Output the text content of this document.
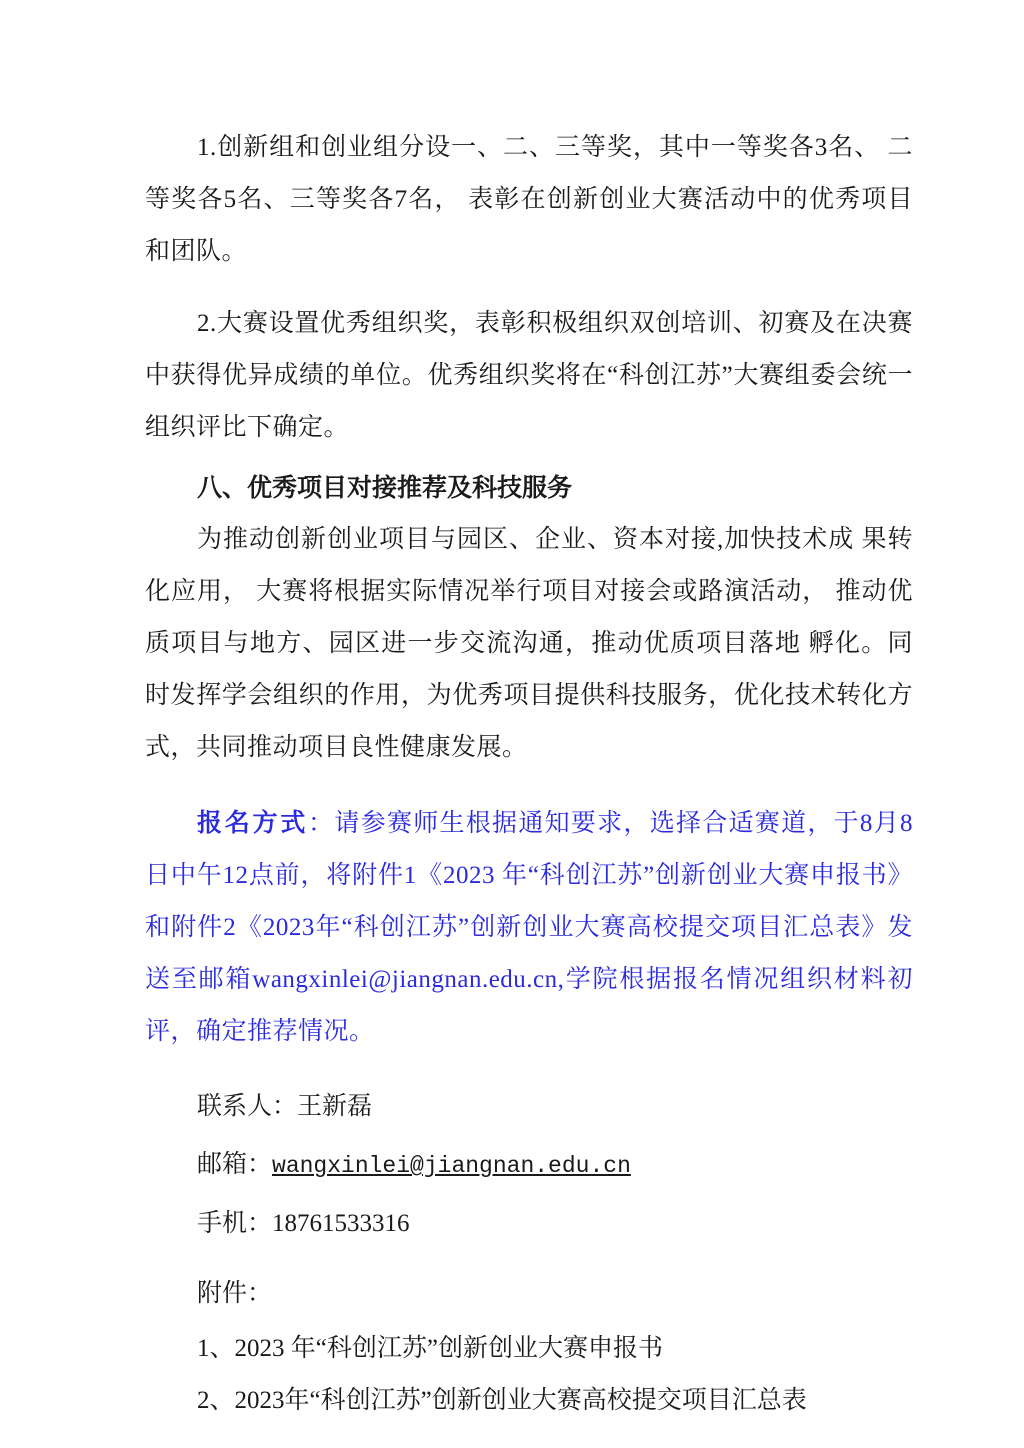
1.创新组和创业组分设一、二、三等奖，其中一等奖各3名、 二等奖各5名、三等奖各7名， 表彰在创新创业大赛活动中的优秀项目和团队。

2.大赛设置优秀组织奖，表彰积极组织双创培训、初赛及在决赛中获得优异成绩的单位。优秀组织奖将在“科创江苏”大赛组委会统一组织评比下确定。

八、优秀项目对接推荐及科技服务

为推动创新创业项目与园区、企业、资本对接,加快技术成 果转化应用， 大赛将根据实际情况举行项目对接会或路演活动， 推动优质项目与地方、园区进一步交流沟通，推动优质项目落地 孵化。同时发挥学会组织的作用，为优秀项目提供科技服务，优化技术转化方式，共同推动项目良性健康发展。

报名方式：请参赛师生根据通知要求，选择合适赛道，于8月8日中午12点前，将附件1《2023 年“科创江苏”创新创业大赛申报书》和附件2《2023年“科创江苏”创新创业大赛高校提交项目汇总表》发送至邮箱wangxinlei@jiangnan.edu.cn,学院根据报名情况组织材料初评，确定推荐情况。

联系人：王新磊
邮箱：wangxinlei@jiangnan.edu.cn
手机：18761533316
附件：
1、2023 年“科创江苏”创新创业大赛申报书
2、2023年“科创江苏”创新创业大赛高校提交项目汇总表
